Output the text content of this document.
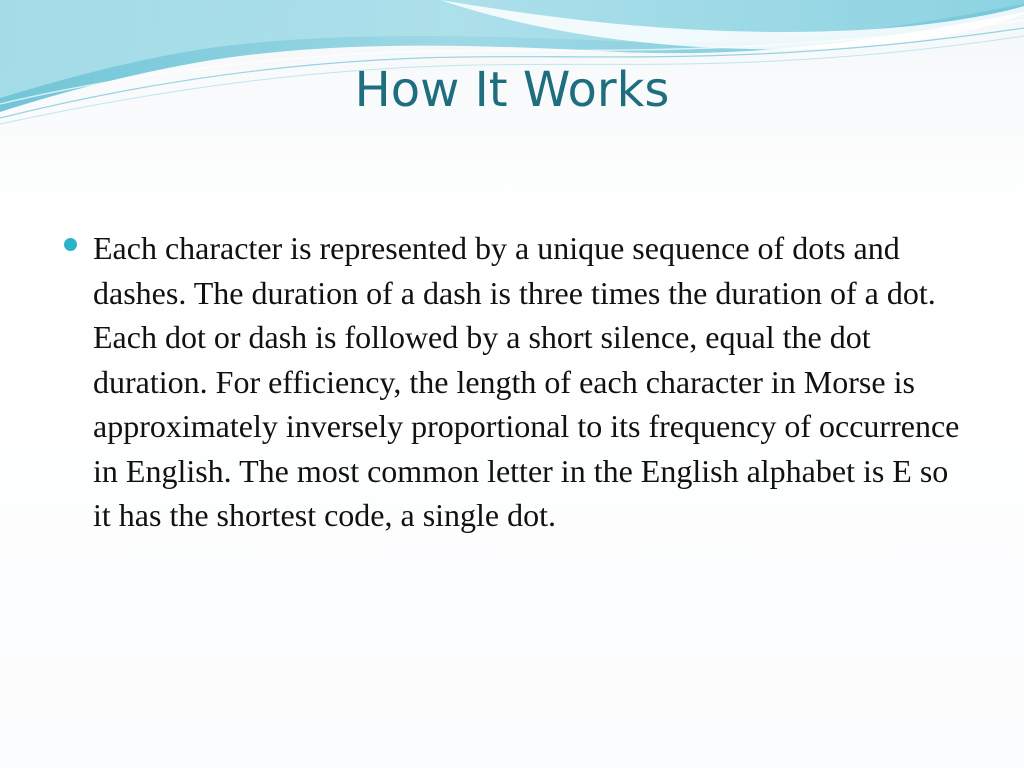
How It Works
Each character is represented by a unique sequence of dots and dashes. The duration of a dash is three times the duration of a dot. Each dot or dash is followed by a short silence, equal the dot duration. For efficiency, the length of each character in Morse is approximately inversely proportional to its frequency of occurrence in English. The most common letter in the English alphabet is E so it has the shortest code, a single dot.
